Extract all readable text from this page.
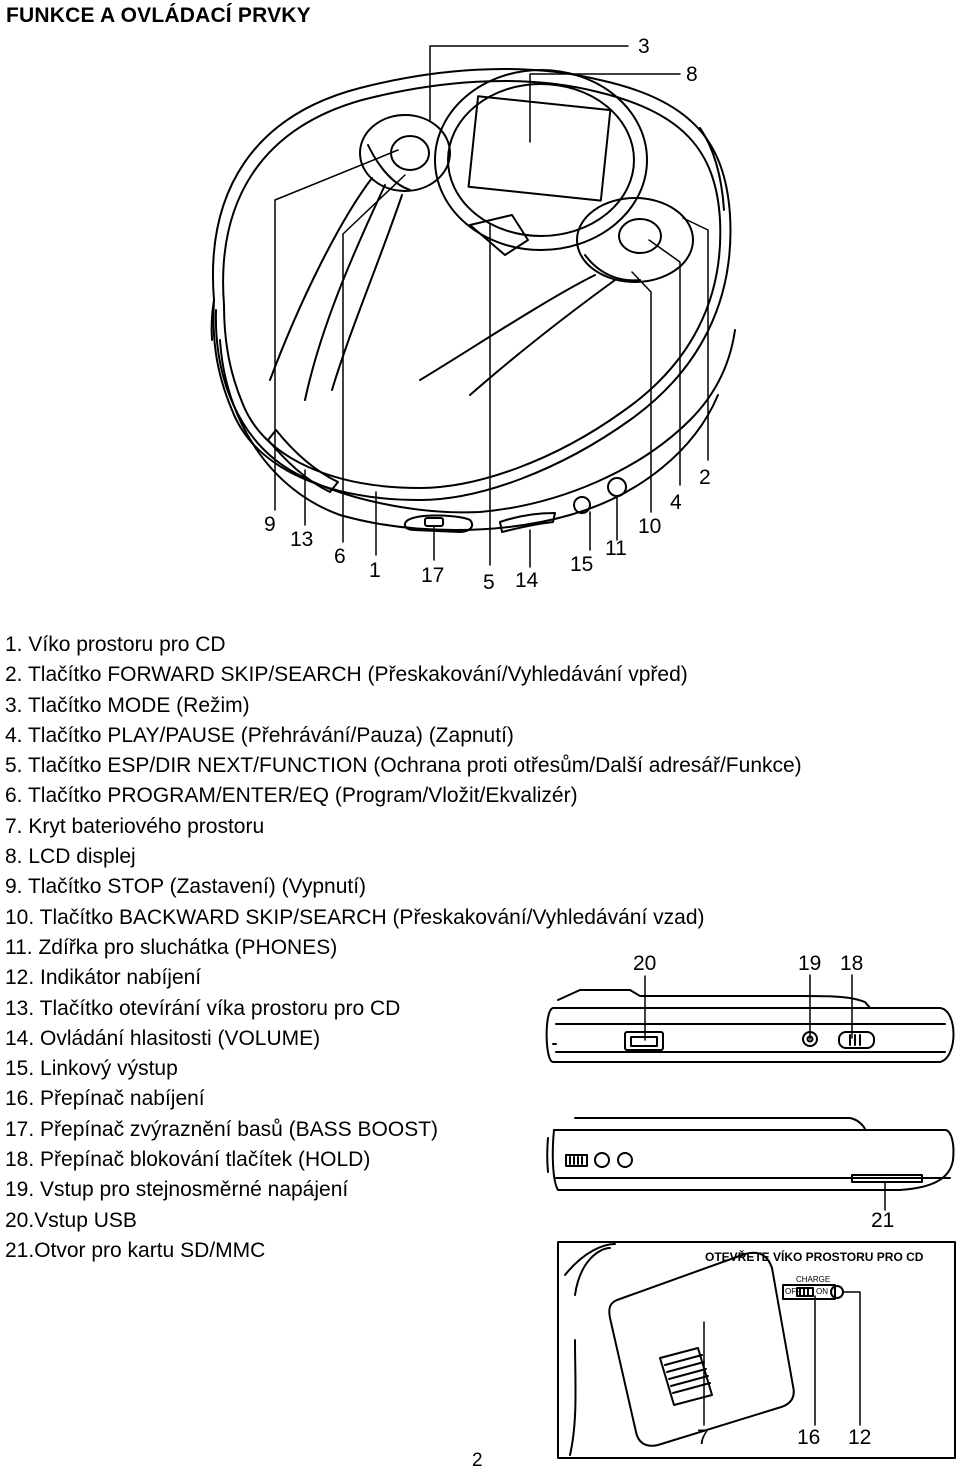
FUNKCE A OVLÁDACÍ PRVKY
3
8
9
13
6
1 17 5 14
15
11
10
4
2
20	19 18
21
7	16 12
OTEVŘETE VÍKO PROSTORU PRO CD
CHARGE
OFF ON
1. Víko prostoru pro CD
2. Tlačítko FORWARD SKIP/SEARCH (Přeskakování/Vyhledávání vpřed)
3. Tlačítko MODE (Režim)
4. Tlačítko PLAY/PAUSE (Přehrávání/Pauza) (Zapnutí)
5. Tlačítko ESP/DIR NEXT/FUNCTION (Ochrana proti otřesům/Další adresář/Funkce)
6. Tlačítko PROGRAM/ENTER/EQ (Program/Vložit/Ekvalizér)
7. Kryt bateriového prostoru
8. LCD displej
9. Tlačítko STOP (Zastavení) (Vypnutí)
10. Tlačítko BACKWARD SKIP/SEARCH (Přeskakování/Vyhledávání vzad)
11. Zdířka pro sluchátka (PHONES)
12. Indikátor nabíjení
13. Tlačítko otevírání víka prostoru pro CD
14. Ovládání hlasitosti (VOLUME)
15. Linkový výstup
16. Přepínač nabíjení
17. Přepínač zvýraznění basů (BASS BOOST)
18. Přepínač blokování tlačítek (HOLD)
19. Vstup pro stejnosměrné napájení
20.Vstup USB
21.Otvor pro kartu SD/MMC
2
